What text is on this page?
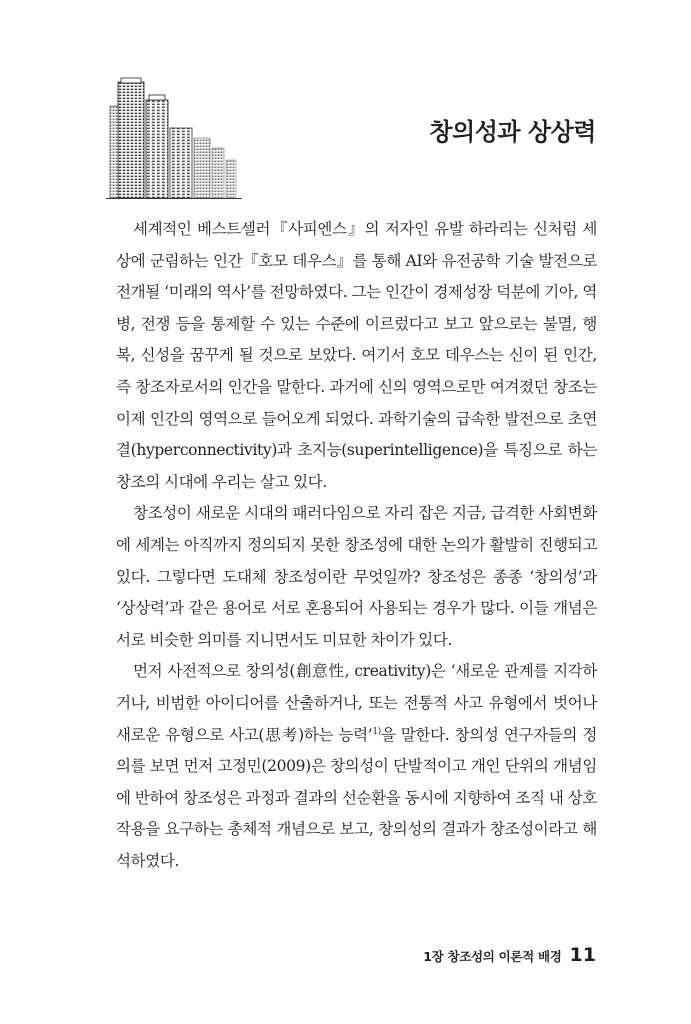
창의성과 상상력

세계적인 베스트셀러『사피엔스』의 저자인 유발 하라리는 신처럼 세상에 군림하는 인간『호모 데우스』를 통해 AI와 유전공학 기술 발전으로 전개될 ‘미래의 역사’를 전망하였다. 그는 인간이 경제성장 덕분에 기아, 역병, 전쟁 등을 통제할 수 있는 수준에 이르렀다고 보고 앞으로는 불멸, 행복, 신성을 꿈꾸게 될 것으로 보았다. 여기서 호모 데우스는 신이 된 인간, 즉 창조자로서의 인간을 말한다. 과거에 신의 영역으로만 여겨졌던 창조는 이제 인간의 영역으로 들어오게 되었다. 과학기술의 급속한 발전으로 초연결(hyperconnectivity)과 초지능(superintelligence)을 특징으로 하는 창조의 시대에 우리는 살고 있다.

창조성이 새로운 시대의 패러다임으로 자리 잡은 지금, 급격한 사회변화에 세계는 아직까지 정의되지 못한 창조성에 대한 논의가 활발히 진행되고 있다. 그렇다면 도대체 창조성이란 무엇일까? 창조성은 종종 ‘창의성’과 ‘상상력’과 같은 용어로 서로 혼용되어 사용되는 경우가 많다. 이들 개념은 서로 비슷한 의미를 지니면서도 미묘한 차이가 있다.

먼저 사전적으로 창의성(創意性, creativity)은 ‘새로운 관계를 지각하거나, 비범한 아이디어를 산출하거나, 또는 전통적 사고 유형에서 벗어나 새로운 유형으로 사고(思考)하는 능력’$^{1)}$을 말한다. 창의성 연구자들의 정의를 보면 먼저 고정민(2009)은 창의성이 단발적이고 개인 단위의 개념임에 반하여 창조성은 과정과 결과의 선순환을 동시에 지향하여 조직 내 상호작용을 요구하는 총체적 개념으로 보고, 창의성의 결과가 창조성이라고 해석하였다.

1장 창조성의 이론적 배경 11
